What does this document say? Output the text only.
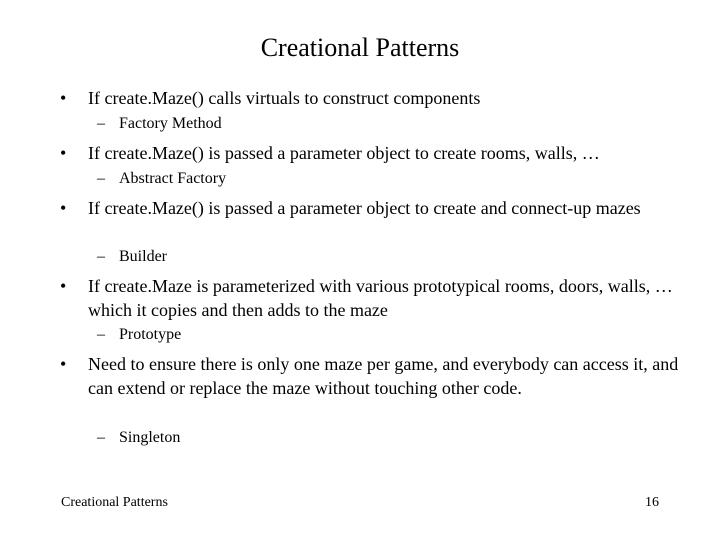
Creational Patterns
• If create.Maze() calls virtuals to construct components
– Factory Method
• If create.Maze() is passed a parameter object to create rooms, walls, …
– Abstract Factory
• If create.Maze() is passed a parameter object to create and connect-up mazes
– Builder
• If create.Maze is parameterized with various prototypical rooms, doors, walls, … which it copies and then adds to the maze
– Prototype
• Need to ensure there is only one maze per game, and everybody can access it, and can extend or replace the maze without touching other code.
– Singleton
Creational Patterns	16
